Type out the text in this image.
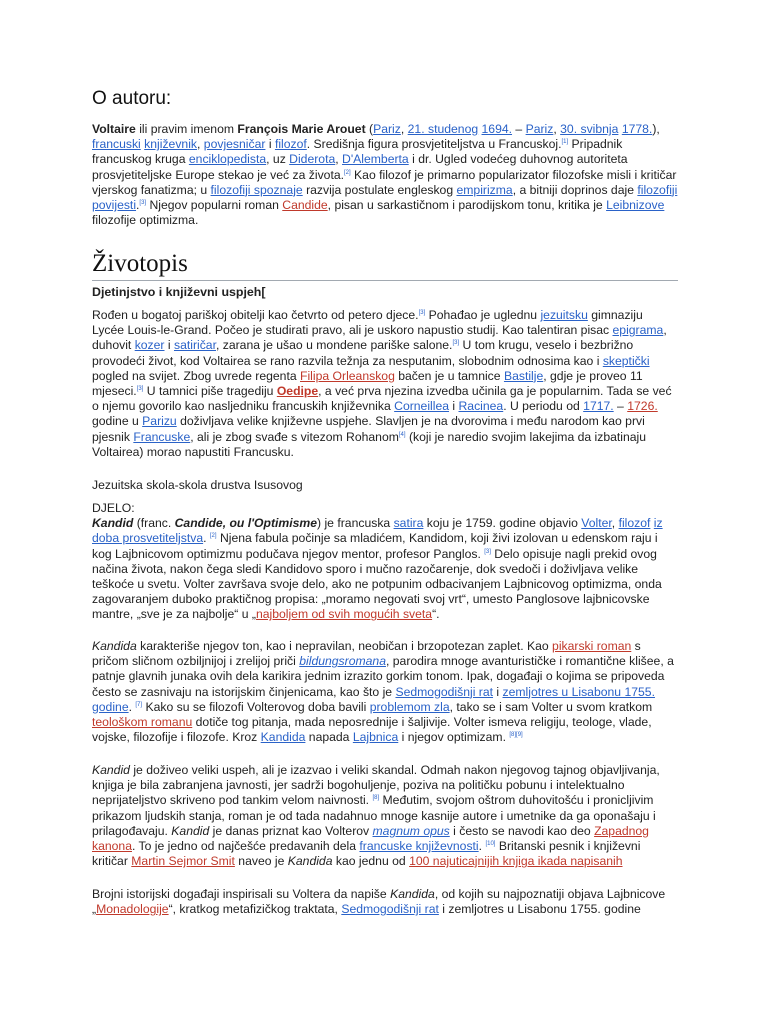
O autoru:

Voltaire ili pravim imenom François Marie Arouet (Pariz, 21. studenog 1694. – Pariz, 30. svibnja 1778.), francuski književnik, povjesničar i filozof. Središnja figura prosvjetiteljstva u Francuskoj.[1] Pripadnik francuskog kruga enciklopedista, uz Diderota, D'Alemberta i dr. Ugled vodećeg duhovnog autoriteta prosvjetiteljske Europe stekao je već za života.[2] Kao filozof je primarno popularizator filozofske misli i kritičar vjerskog fanatizma; u filozofiji spoznaje razvija postulate engleskog empirizma, a bitniji doprinos daje filozofiji povijesti.[3] Njegov popularni roman Candide, pisan u sarkastičnom i parodijskom tonu, kritika je Leibnizove filozofije optimizma.

Životopis
Djetinjstvo i književni uspjeh[

Rođen u bogatoj pariškoj obitelji kao četvrto od petero djece.[3] Pohađao je uglednu jezuitsku gimnaziju Lycée Louis-le-Grand. Počeo je studirati pravo, ali je uskoro napustio studij. Kao talentiran pisac epigrama, duhovit kozer i satiričar, zarana je ušao u mondene pariške salone.[3] U tom krugu, veselo i bezbrižno provodeći život, kod Voltairea se rano razvila težnja za nesputanim, slobodnim odnosima kao i skeptički pogled na svijet. Zbog uvrede regenta Filipa Orleanskog bačen je u tamnice Bastilje, gdje je proveo 11 mjeseci.[3] U tamnici piše tragediju Oedipe, a već prva njezina izvedba učinila ga je popularnim. Tada se već o njemu govorilo kao nasljedniku francuskih književnika Corneillea i Racinea. U periodu od 1717. – 1726. godine u Parizu doživljava velike književne uspjehe. Slavljen je na dvorovima i među narodom kao prvi pjesnik Francuske, ali je zbog svađe s vitezom Rohanom[4] (koji je naredio svojim lakejima da izbatinaju Voltairea) morao napustiti Francusku.

Jezuitska skola-skola drustva Isusovog

DJELO:
Kandid (franc. Candide, ou l'Optimisme) je francuska satira koju je 1759. godine objavio Volter, filozof iz doba prosvetiteljstva. [2] Njena fabula počinje sa mladićem, Kandidom, koji živi izolovan u edenskom raju i kog Lajbnicovom optimizmu podučava njegov mentor, profesor Panglos. [3] Delo opisuje nagli prekid ovog načina života, nakon čega sledi Kandidovo sporo i mučno razočarenje, dok svedoči i doživljava velike teškoće u svetu. Volter završava svoje delo, ako ne potpunim odbacivanjem Lajbnicovog optimizma, onda zagovaranjem duboko praktičnog propisa: „moramo negovati svoj vrt“, umesto Panglosove lajbnicovske mantre, „sve je za najbolje“ u „najboljem od svih mogućih sveta“.

Kandida karakteriše njegov ton, kao i nepravilan, neobičan i brzopotezan zaplet. Kao pikarski roman s pričom sličnom ozbiljnijoj i zrelijoj priči bildungsromana, parodira mnoge avanturističke i romantične klišee, a patnje glavnih junaka ovih dela karikira jednim izrazito gorkim tonom. Ipak, događaji o kojima se pripoveda često se zasnivaju na istorijskim činjenicama, kao što je Sedmogodišnji rat i zemljotres u Lisabonu 1755. godine. [7] Kako su se filozofi Volterovog doba bavili problemom zla, tako se i sam Volter u svom kratkom teološkom romanu dotiče tog pitanja, mada neposrednije i šaljivije. Volter ismeva religiju, teologe, vlade, vojske, filozofije i filozofe. Kroz Kandida napada Lajbnica i njegov optimizam. [8][9]

Kandid je doživeo veliki uspeh, ali je izazvao i veliki skandal. Odmah nakon njegovog tajnog objavljivanja, knjiga je bila zabranjena javnosti, jer sadrži bogohuljenje, poziva na političku pobunu i intelektualno neprijateljstvo skriveno pod tankim velom naivnosti. [8] Međutim, svojom oštrom duhovitošću i pronicljivim prikazom ljudskih stanja, roman je od tada nadahnuo mnoge kasnije autore i umetnike da ga oponašaju i prilagođavaju. Kandid je danas priznat kao Volterov magnum opus i često se navodi kao deo Zapadnog kanona. To je jedno od najčešće predavanih dela francuske književnosti. [10] Britanski pesnik i književni kritičar Martin Sejmor Smit naveo je Kandida kao jednu od 100 najuticajnijih knjiga ikada napisanih

Brojni istorijski događaji inspirisali su Voltera da napiše Kandida, od kojih su najpoznatiji objava Lajbnicove „Monadologije“, kratkog metafizičkog traktata, Sedmogodišnji rat i zemljotres u Lisabonu 1755. godine
